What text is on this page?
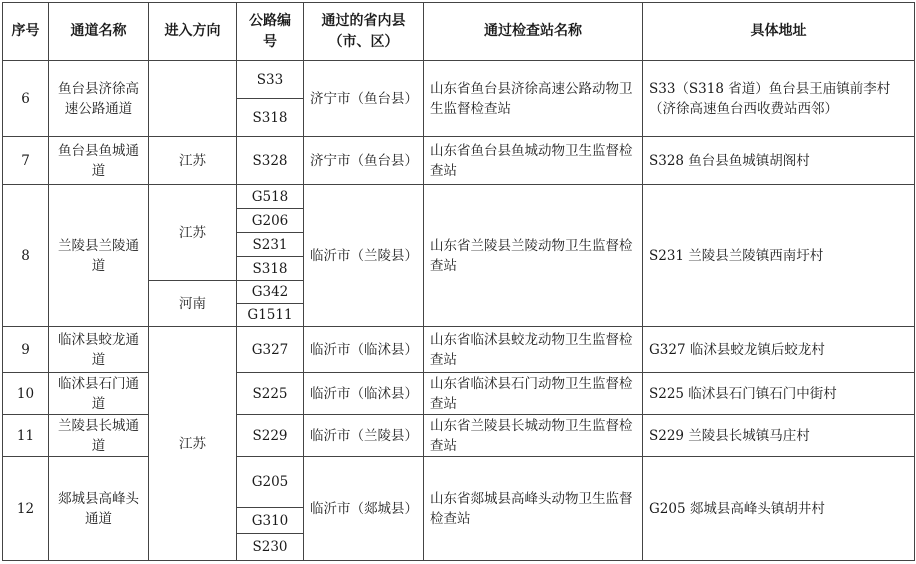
序号	通道名称	进入方向	公路编号	通过的省内县（市、区）	通过检查站名称	具体地址
6	鱼台县济徐高速公路通道		S33	济宁市（鱼台县）	山东省鱼台县济徐高速公路动物卫生监督检查站	S33（S318 省道）鱼台县王庙镇前李村（济徐高速鱼台西收费站西邻）
			S318			
7	鱼台县鱼城通道	江苏	S328	济宁市（鱼台县）	山东省鱼台县鱼城动物卫生监督检查站	S328 鱼台县鱼城镇胡阁村
8	兰陵县兰陵通道	江苏	G518	临沂市（兰陵县）	山东省兰陵县兰陵动物卫生监督检查站	S231 兰陵县兰陵镇西南圩村
			G206			
			S231			
			S318			
		河南	G342			
			G1511			
9	临沭县蛟龙通道	江苏	G327	临沂市（临沭县）	山东省临沭县蛟龙动物卫生监督检查站	G327 临沭县蛟龙镇后蛟龙村
10	临沭县石门通道		S225	临沂市（临沭县）	山东省临沭县石门动物卫生监督检查站	S225 临沭县石门镇石门中街村
11	兰陵县长城通道		S229	临沂市（兰陵县）	山东省兰陵县长城动物卫生监督检查站	S229 兰陵县长城镇马庄村
12	郯城县高峰头通道		G205	临沂市（郯城县）	山东省郯城县高峰头动物卫生监督检查站	G205 郯城县高峰头镇胡井村

			G310			
			S230			
